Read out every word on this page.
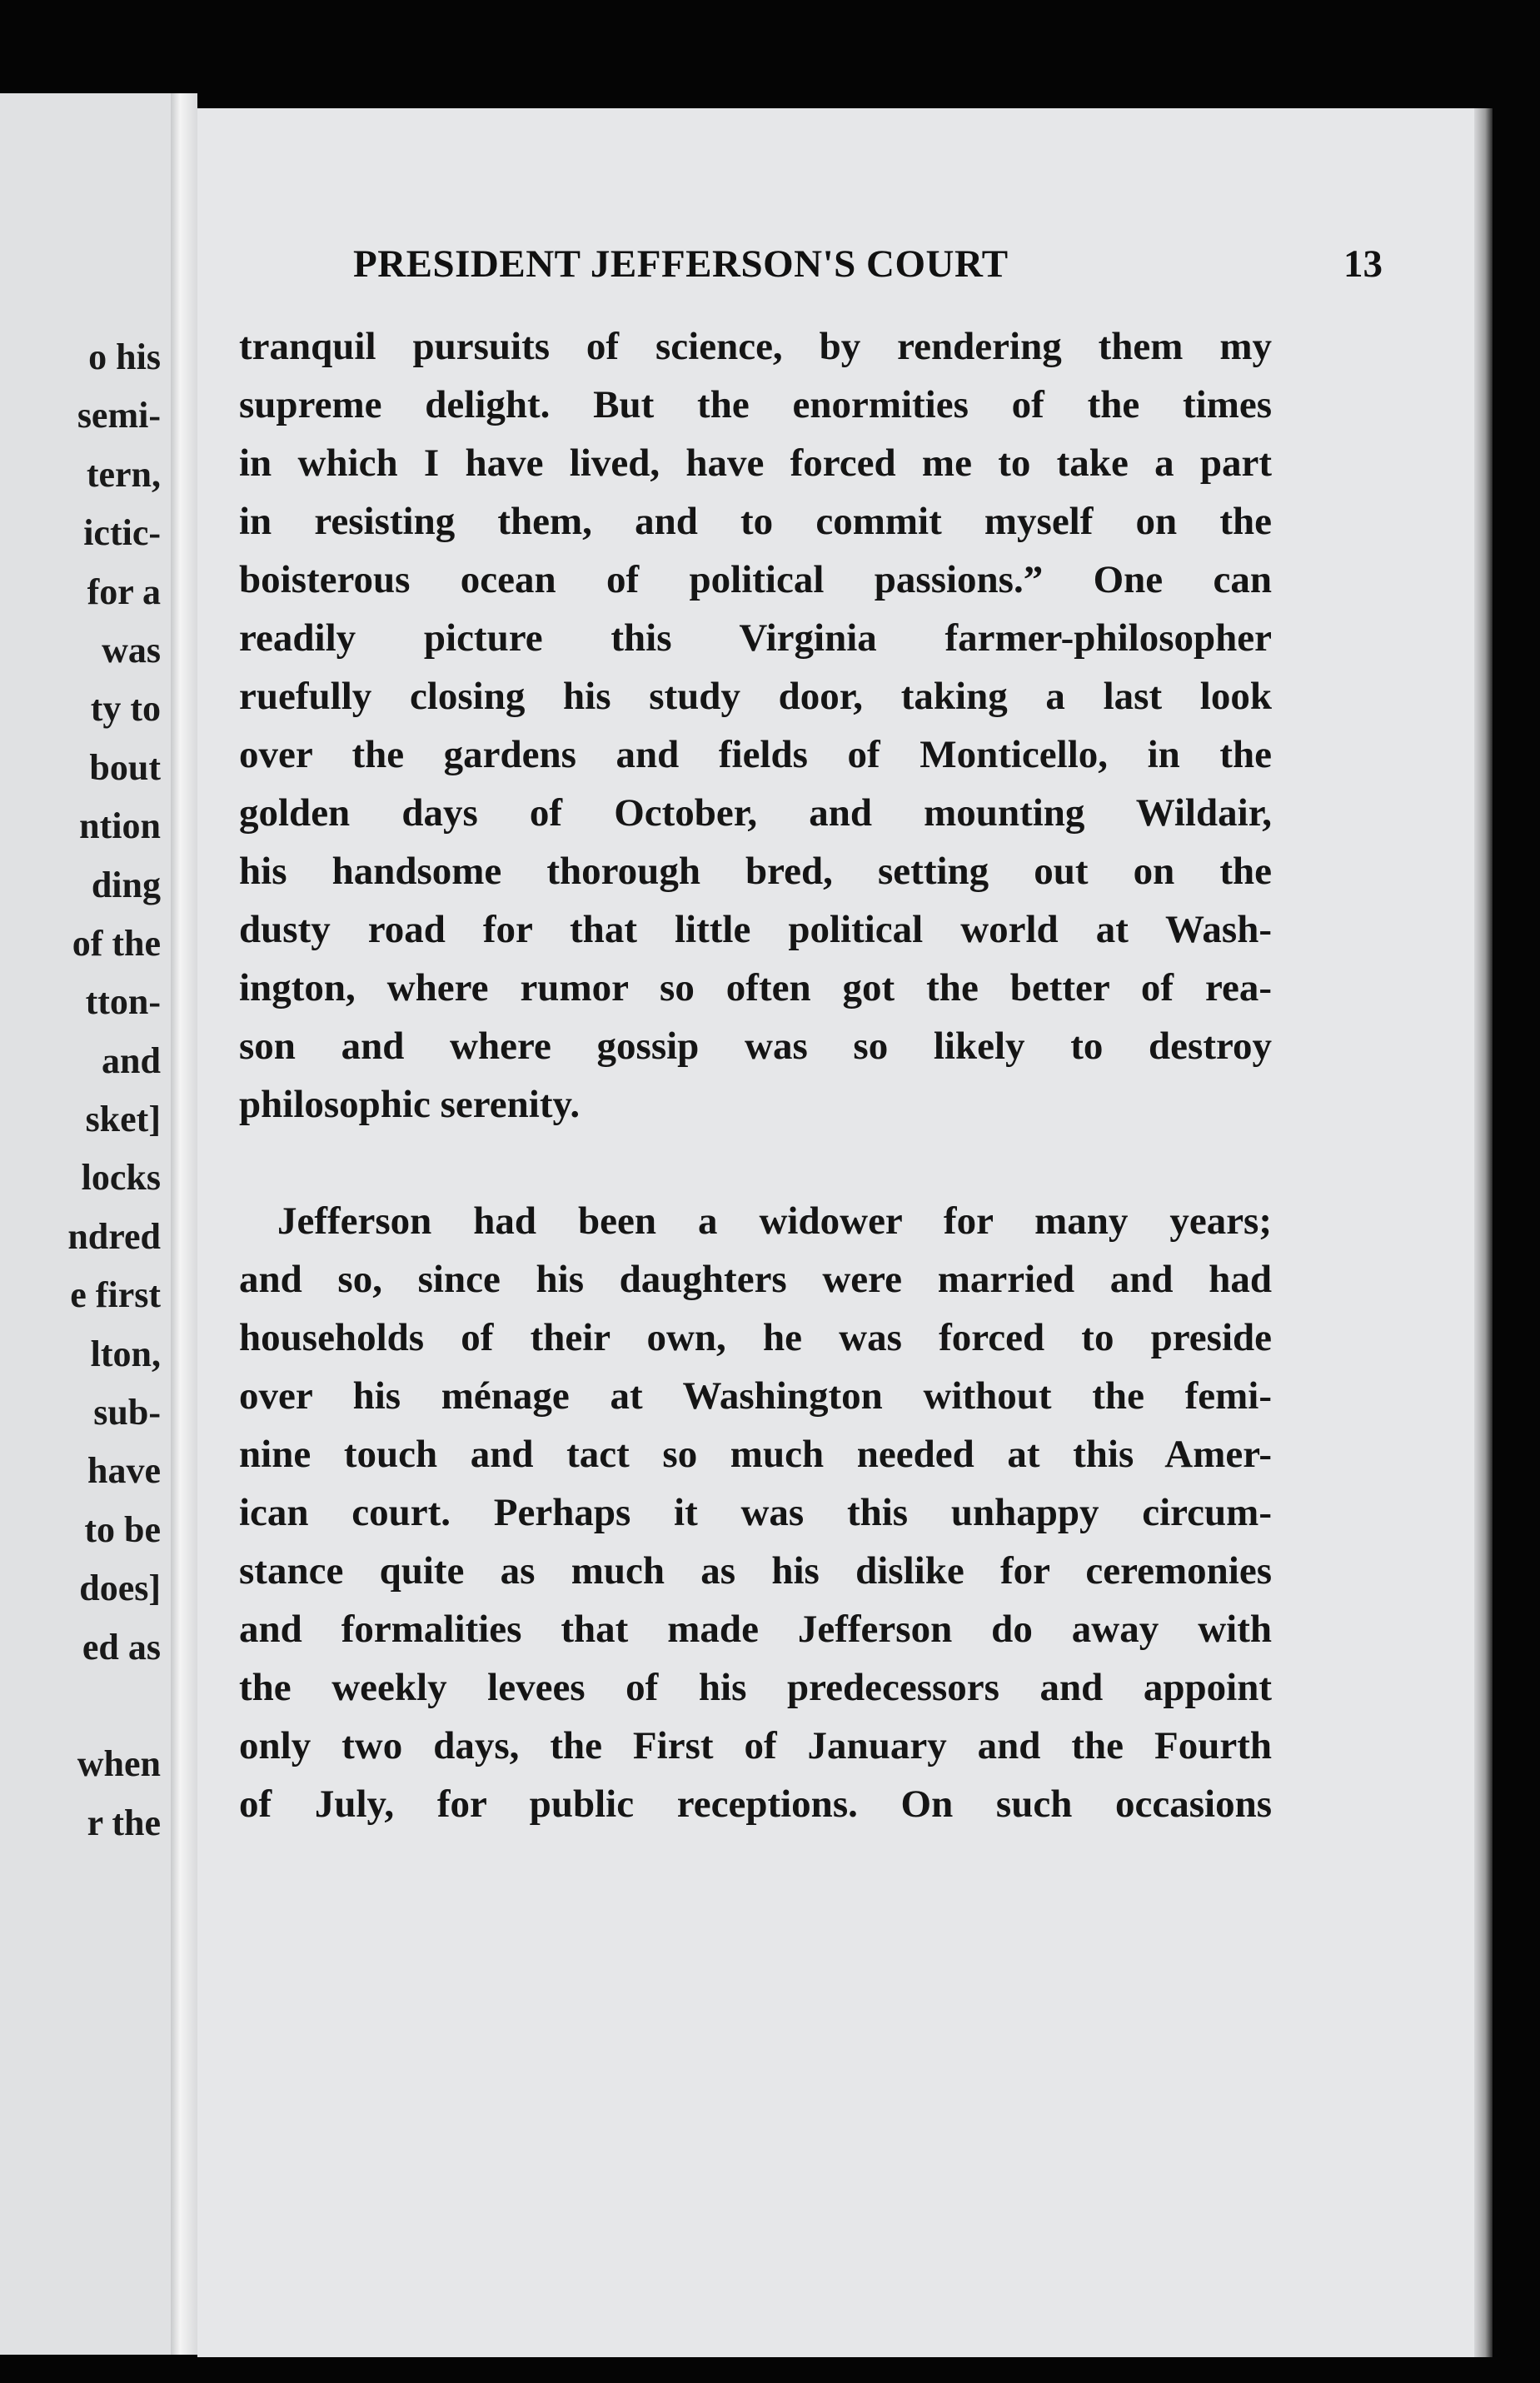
o his
semi-
tern,
ictic-
for a
was
ty to
bout
ntion
ding
of the
tton-
and
sket]
locks
ndred
e first
lton,
sub-
have
to be
does]
ed as
when
r the
PRESIDENT JEFFERSON'S COURT	13
tranquil pursuits of science, by rendering them my
supreme delight. But the enormities of the times
in which I have lived, have forced me to take a part
in resisting them, and to commit myself on the
boisterous ocean of political passions.” One can
readily picture this Virginia farmer-philosopher
ruefully closing his study door, taking a last look
over the gardens and fields of Monticello, in the
golden days of October, and mounting Wildair,
his handsome thorough bred, setting out on the
dusty road for that little political world at Wash-
ington, where rumor so often got the better of rea-
son and where gossip was so likely to destroy
philosophic serenity.
Jefferson had been a widower for many years;
and so, since his daughters were married and had
households of their own, he was forced to preside
over his ménage at Washington without the femi-
nine touch and tact so much needed at this Amer-
ican court. Perhaps it was this unhappy circum-
stance quite as much as his dislike for ceremonies
and formalities that made Jefferson do away with
the weekly levees of his predecessors and appoint
only two days, the First of January and the Fourth
of July, for public receptions. On such occasions
